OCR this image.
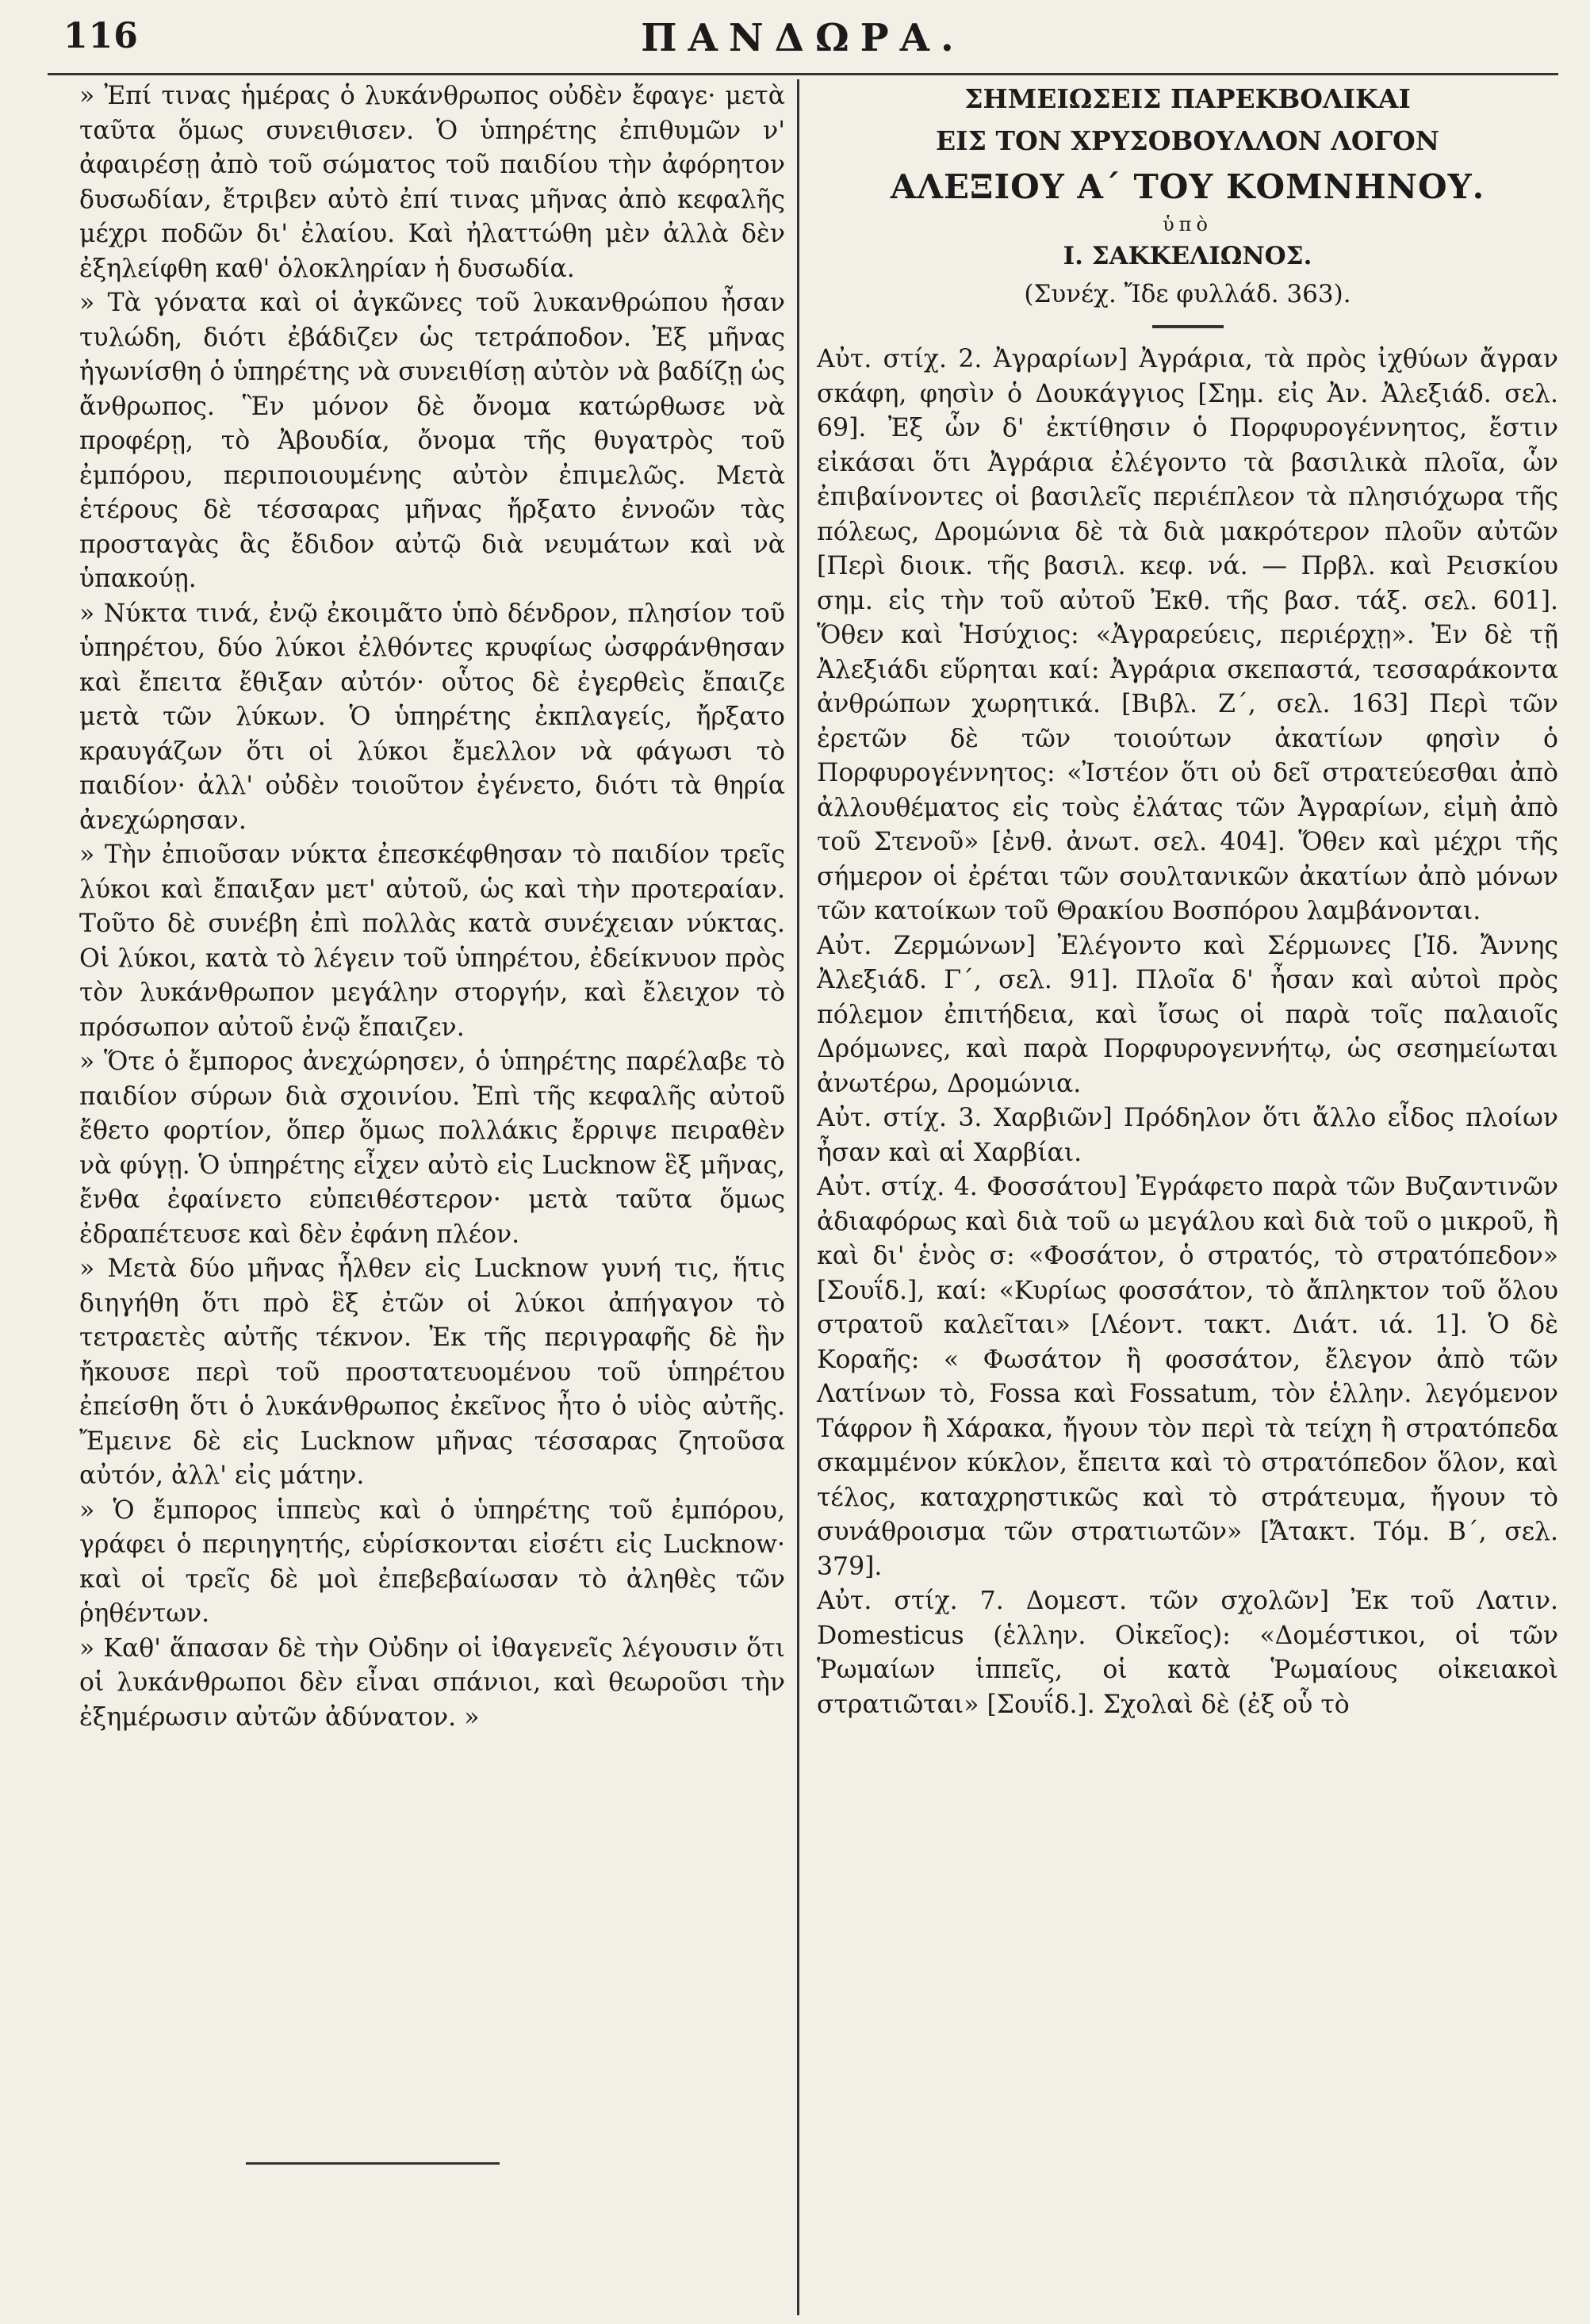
116	ΠΑΝΔΩΡΑ.

» Ἐπί τινας ἡμέρας ὁ λυκάνθρωπος οὐδὲν ἔφαγε· μετὰ ταῦτα ὅμως συνειθισεν. Ὁ ὑπηρέτης ἐπιθυμῶν ν' ἀφαιρέσῃ ἀπὸ τοῦ σώματος τοῦ παιδίου τὴν ἀφόρητον δυσωδίαν, ἔτριβεν αὐτὸ ἐπί τινας μῆνας ἀπὸ κεφαλῆς μέχρι ποδῶν δι' ἐλαίου. Καὶ ἠλαττώθη μὲν ἀλλὰ δὲν ἐξηλείφθη καθ' ὁλοκληρίαν ἡ δυσωδία.

» Τὰ γόνατα καὶ οἱ ἀγκῶνες τοῦ λυκανθρώπου ἦσαν τυλώδη, διότι ἐβάδιζεν ὡς τετράποδον. Ἐξ μῆνας ἠγωνίσθη ὁ ὑπηρέτης νὰ συνειθίσῃ αὐτὸν νὰ βαδίζῃ ὡς ἄνθρωπος. Ἓν μόνον δὲ ὄνομα κατώρθωσε νὰ προφέρῃ, τὸ Ἀβουδία, ὄνομα τῆς θυγατρὸς τοῦ ἐμπόρου, περιποιουμένης αὐτὸν ἐπιμελῶς. Μετὰ ἑτέρους δὲ τέσσαρας μῆνας ἤρξατο ἐννοῶν τὰς προσταγὰς ἃς ἔδιδον αὐτῷ διὰ νευμάτων καὶ νὰ ὑπακούῃ.

» Νύκτα τινά, ἐνῷ ἐκοιμᾶτο ὑπὸ δένδρον, πλησίον τοῦ ὑπηρέτου, δύο λύκοι ἐλθόντες κρυφίως ὠσφράνθησαν καὶ ἔπειτα ἔθιξαν αὐτόν· οὗτος δὲ ἐγερθεὶς ἔπαιζε μετὰ τῶν λύκων. Ὁ ὑπηρέτης ἐκπλαγείς, ἤρξατο κραυγάζων ὅτι οἱ λύκοι ἔμελλον νὰ φάγωσι τὸ παιδίον· ἀλλ' οὐδὲν τοιοῦτον ἐγένετο, διότι τὰ θηρία ἀνεχώρησαν.

» Τὴν ἐπιοῦσαν νύκτα ἐπεσκέφθησαν τὸ παιδίον τρεῖς λύκοι καὶ ἔπαιξαν μετ' αὐτοῦ, ὡς καὶ τὴν προτεραίαν. Τοῦτο δὲ συνέβη ἐπὶ πολλὰς κατὰ συνέχειαν νύκτας. Οἱ λύκοι, κατὰ τὸ λέγειν τοῦ ὑπηρέτου, ἐδείκνυον πρὸς τὸν λυκάνθρωπον μεγάλην στοργήν, καὶ ἔλειχον τὸ πρόσωπον αὐτοῦ ἐνῷ ἔπαιζεν.

» Ὅτε ὁ ἔμπορος ἀνεχώρησεν, ὁ ὑπηρέτης παρέλαβε τὸ παιδίον σύρων διὰ σχοινίου. Ἐπὶ τῆς κεφαλῆς αὐτοῦ ἔθετο φορτίον, ὅπερ ὅμως πολλάκις ἔρριψε πειραθὲν νὰ φύγῃ. Ὁ ὑπηρέτης εἶχεν αὐτὸ εἰς Lucknow ἓξ μῆνας, ἔνθα ἐφαίνετο εὐπειθέστερον· μετὰ ταῦτα ὅμως ἐδραπέτευσε καὶ δὲν ἐφάνη πλέον.

» Μετὰ δύο μῆνας ἦλθεν εἰς Lucknow γυνή τις, ἥτις διηγήθη ὅτι πρὸ ἓξ ἐτῶν οἱ λύκοι ἀπήγαγον τὸ τετραετὲς αὐτῆς τέκνον. Ἐκ τῆς περιγραφῆς δὲ ἣν ἤκουσε περὶ τοῦ προστατευομένου τοῦ ὑπηρέτου ἐπείσθη ὅτι ὁ λυκάνθρωπος ἐκεῖνος ἦτο ὁ υἱὸς αὐτῆς. Ἔμεινε δὲ εἰς Lucknow μῆνας τέσσαρας ζητοῦσα αὐτόν, ἀλλ' εἰς μάτην.

» Ὁ ἔμπορος ἱππεὺς καὶ ὁ ὑπηρέτης τοῦ ἐμπόρου, γράφει ὁ περιηγητής, εὑρίσκονται εἰσέτι εἰς Lucknow· καὶ οἱ τρεῖς δὲ μοὶ ἐπεβεβαίωσαν τὸ ἀληθὲς τῶν ῥηθέντων.

» Καθ' ἅπασαν δὲ τὴν Οὐδην οἱ ἰθαγενεῖς λέγουσιν ὅτι οἱ λυκάνθρωποι δὲν εἶναι σπάνιοι, καὶ θεωροῦσι τὴν ἐξημέρωσιν αὐτῶν ἀδύνατον. »

ΣΗΜΕΙΩΣΕΙΣ ΠΑΡΕΚΒΟΛΙΚΑΙ

ΕΙΣ ΤΟΝ ΧΡΥΣΟΒΟΥΛΛΟΝ ΛΟΓΟΝ

ΑΛΕΞΙΟΥ Α΄ ΤΟΥ ΚΟΜΝΗΝΟΥ.

ὑπὸ

Ι. ΣΑΚΚΕΛΙΩΝΟΣ.

(Συνέχ. Ἴδε φυλλάδ. 363).

Αὐτ. στίχ. 2. Ἀγραρίων] Ἀγράρια, τὰ πρὸς ἰχθύων ἄγραν σκάφη, φησὶν ὁ Δουκάγγιος [Σημ. εἰς Ἀν. Ἀλεξιάδ. σελ. 69]. Ἐξ ὧν δ' ἐκτίθησιν ὁ Πορφυρογέννητος, ἔστιν εἰκάσαι ὅτι Ἀγράρια ἐλέγοντο τὰ βασιλικὰ πλοῖα, ὧν ἐπιβαίνοντες οἱ βασιλεῖς περιέπλεον τὰ πλησιόχωρα τῆς πόλεως, Δρομώνια δὲ τὰ διὰ μακρότερον πλοῦν αὐτῶν [Περὶ διοικ. τῆς βασιλ. κεφ. νά. — Πρβλ. καὶ Ρεισκίου σημ. εἰς τὴν τοῦ αὐτοῦ Ἐκθ. τῆς βασ. τάξ. σελ. 601]. Ὅθεν καὶ Ἡσύχιος: «Ἀγραρεύεις, περιέρχῃ». Ἐν δὲ τῇ Ἀλεξιάδι εὕρηται καί: Ἀγράρια σκεπαστά, τεσσαράκοντα ἀνθρώπων χωρητικά. [Βιβλ. Ζ΄, σελ. 163] Περὶ τῶν ἐρετῶν δὲ τῶν τοιούτων ἀκατίων φησὶν ὁ Πορφυρογέννητος: «Ἰστέον ὅτι οὐ δεῖ στρατεύεσθαι ἀπὸ ἀλλουθέματος εἰς τοὺς ἐλάτας τῶν Ἀγραρίων, εἰμὴ ἀπὸ τοῦ Στενοῦ» [ἐνθ. ἀνωτ. σελ. 404]. Ὅθεν καὶ μέχρι τῆς σήμερον οἱ ἐρέται τῶν σουλτανικῶν ἀκατίων ἀπὸ μόνων τῶν κατοίκων τοῦ Θρακίου Βοσπόρου λαμβάνονται.

Αὐτ. Ζερμώνων] Ἐλέγοντο καὶ Σέρμωνες [Ἰδ. Ἄννης Ἀλεξιάδ. Γ΄, σελ. 91]. Πλοῖα δ' ἦσαν καὶ αὐτοὶ πρὸς πόλεμον ἐπιτήδεια, καὶ ἴσως οἱ παρὰ τοῖς παλαιοῖς Δρόμωνες, καὶ παρὰ Πορφυρογεννήτῳ, ὡς σεσημείωται ἀνωτέρω, Δρομώνια.

Αὐτ. στίχ. 3. Χαρβιῶν] Πρόδηλον ὅτι ἄλλο εἶδος πλοίων ἦσαν καὶ αἱ Χαρβίαι.

Αὐτ. στίχ. 4. Φοσσάτου] Ἐγράφετο παρὰ τῶν Βυζαντινῶν ἀδιαφόρως καὶ διὰ τοῦ ω μεγάλου καὶ διὰ τοῦ ο μικροῦ, ἢ καὶ δι' ἑνὸς σ: «Φοσάτον, ὁ στρατός, τὸ στρατόπεδον» [Σουΐδ.], καί: «Κυρίως φοσσάτον, τὸ ἄπληκτον τοῦ ὅλου στρατοῦ καλεῖται» [Λέοντ. τακτ. Διάτ. ιά. 1]. Ὁ δὲ Κοραῆς: « Φωσάτον ἢ φοσσάτον, ἔλεγον ἀπὸ τῶν Λατίνων τὸ, Fossa καὶ Fossatum, τὸν ἑλλην. λεγόμενον Τάφρον ἢ Χάρακα, ἤγουν τὸν περὶ τὰ τείχη ἢ στρατόπεδα σκαμμένον κύκλον, ἔπειτα καὶ τὸ στρατόπεδον ὅλον, καὶ τέλος, καταχρηστικῶς καὶ τὸ στράτευμα, ἤγουν τὸ συνάθροισμα τῶν στρατιωτῶν» [Ἄτακτ. Τόμ. Β΄, σελ. 379].

Αὐτ. στίχ. 7. Δομεστ. τῶν σχολῶν] Ἐκ τοῦ Λατιν. Domesticus (ἑλλην. Οἰκεῖος): «Δομέστικοι, οἱ τῶν Ῥωμαίων ἱππεῖς, οἱ κατὰ Ῥωμαίους οἰκειακοὶ στρατιῶται» [Σουΐδ.]. Σχολαὶ δὲ (ἐξ οὗ τὸ
